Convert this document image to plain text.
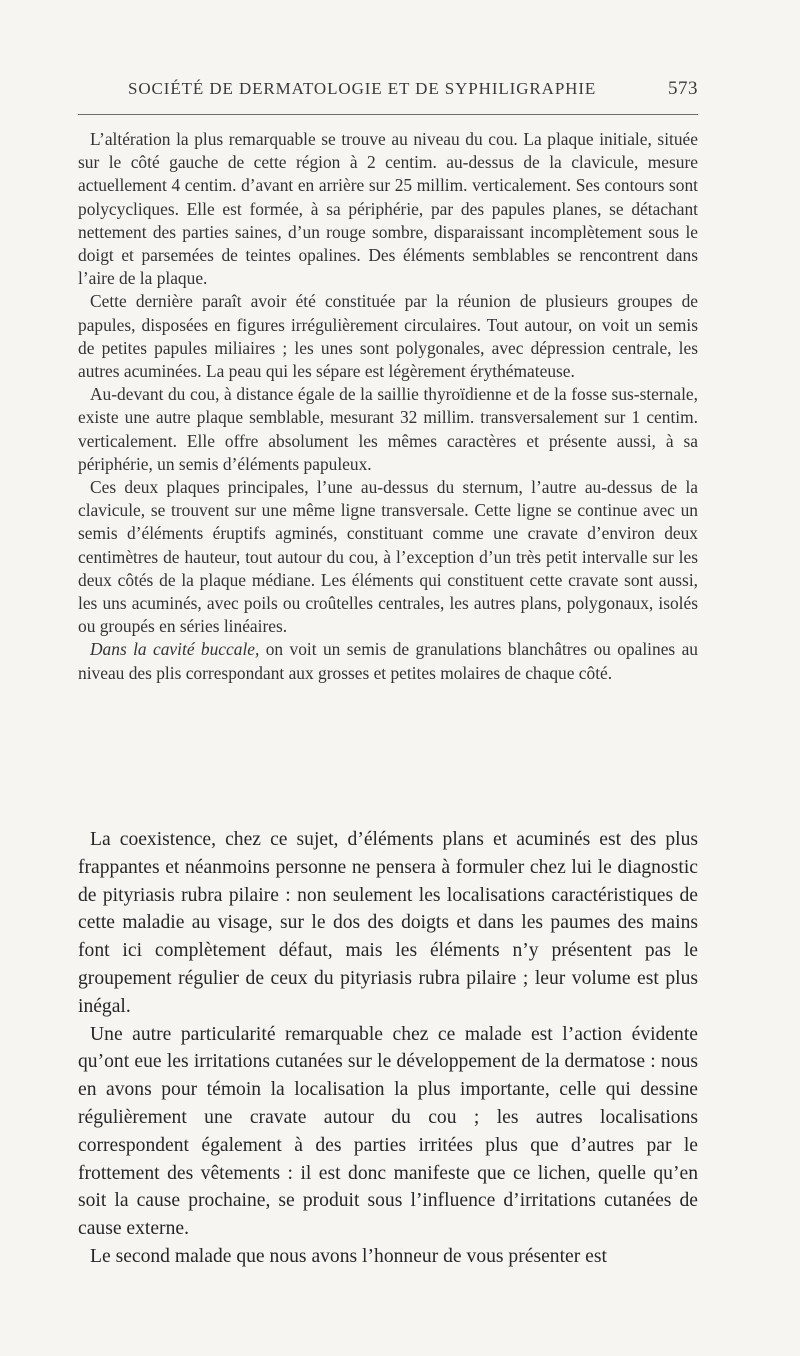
SOCIÉTÉ DE DERMATOLOGIE ET DE SYPHILIGRAPHIE	573

L’altération la plus remarquable se trouve au niveau du cou. La plaque initiale, située sur le côté gauche de cette région à 2 centim. au-dessus de la clavicule, mesure actuellement 4 centim. d’avant en arrière sur 25 millim. verticalement. Ses contours sont polycycliques. Elle est formée, à sa périphérie, par des papules planes, se détachant nettement des parties saines, d’un rouge sombre, disparaissant incomplètement sous le doigt et parsemées de teintes opalines. Des éléments semblables se rencontrent dans l’aire de la plaque.

Cette dernière paraît avoir été constituée par la réunion de plusieurs groupes de papules, disposées en figures irrégulièrement circulaires. Tout autour, on voit un semis de petites papules miliaires ; les unes sont polygonales, avec dépression centrale, les autres acuminées. La peau qui les sépare est légèrement érythémateuse.

Au-devant du cou, à distance égale de la saillie thyroïdienne et de la fosse sus-sternale, existe une autre plaque semblable, mesurant 32 millim. transversalement sur 1 centim. verticalement. Elle offre absolument les mêmes caractères et présente aussi, à sa périphérie, un semis d’éléments papuleux.

Ces deux plaques principales, l’une au-dessus du sternum, l’autre au-dessus de la clavicule, se trouvent sur une même ligne transversale. Cette ligne se continue avec un semis d’éléments éruptifs agminés, constituant comme une cravate d’environ deux centimètres de hauteur, tout autour du cou, à l’exception d’un très petit intervalle sur les deux côtés de la plaque médiane. Les éléments qui constituent cette cravate sont aussi, les uns acuminés, avec poils ou croûtelles centrales, les autres plans, polygonaux, isolés ou groupés en séries linéaires.

Dans la cavité buccale, on voit un semis de granulations blanchâtres ou opalines au niveau des plis correspondant aux grosses et petites molaires de chaque côté.

La coexistence, chez ce sujet, d’éléments plans et acuminés est des plus frappantes et néanmoins personne ne pensera à formuler chez lui le diagnostic de pityriasis rubra pilaire : non seulement les localisations caractéristiques de cette maladie au visage, sur le dos des doigts et dans les paumes des mains font ici complètement défaut, mais les éléments n’y présentent pas le groupement régulier de ceux du pityriasis rubra pilaire ; leur volume est plus inégal.

Une autre particularité remarquable chez ce malade est l’action évidente qu’ont eue les irritations cutanées sur le développement de la dermatose : nous en avons pour témoin la localisation la plus importante, celle qui dessine régulièrement une cravate autour du cou ; les autres localisations correspondent également à des parties irritées plus que d’autres par le frottement des vêtements : il est donc manifeste que ce lichen, quelle qu’en soit la cause prochaine, se produit sous l’influence d’irritations cutanées de cause externe.

Le second malade que nous avons l’honneur de vous présenter est
